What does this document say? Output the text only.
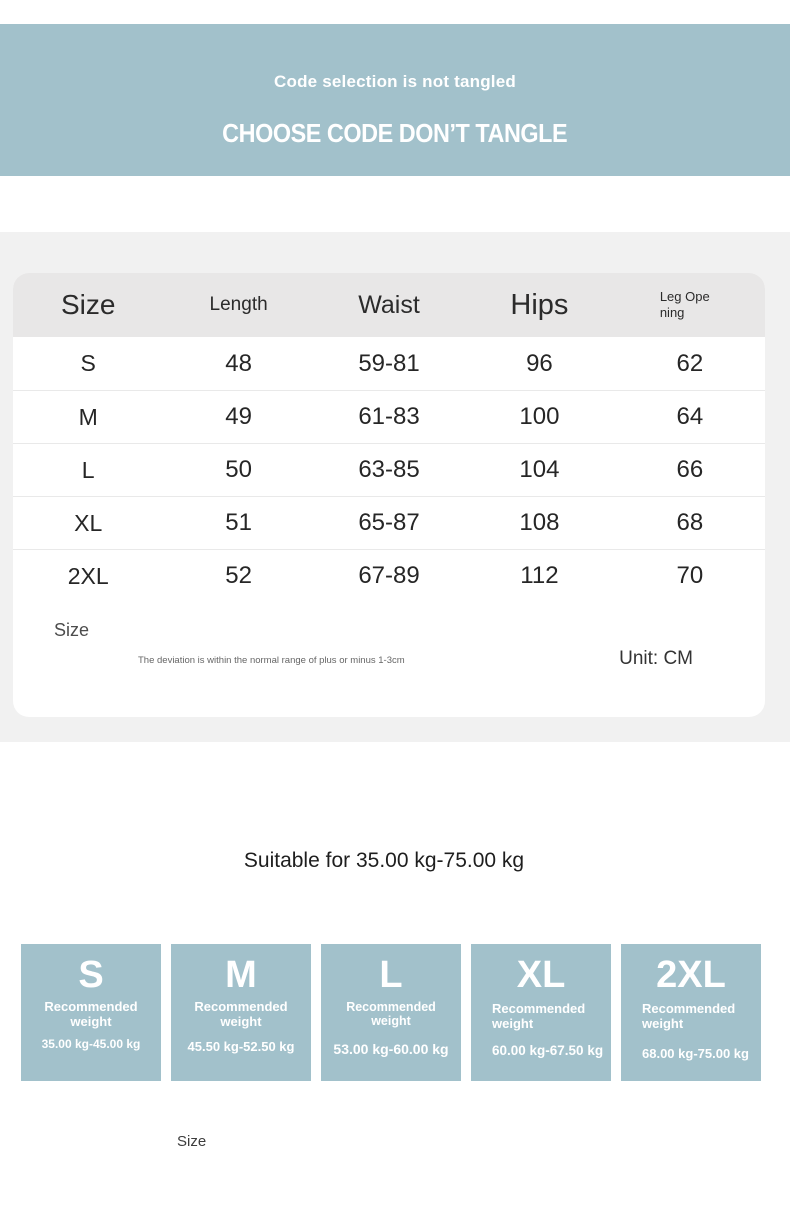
Code selection is not tangled
CHOOSE CODE DON’T TANGLE
Size	Length	Waist	Hips	Leg Ope ning
S	48	59-81	96	62
M	49	61-83	100	64
L	50	63-85	104	66
XL	51	65-87	108	68
2XL	52	67-89	112	70
Size
The deviation is within the normal range of plus or minus 1-3cm	Unit: CM
Suitable for 35.00 kg-75.00 kg
S
Recommended weight
35.00 kg-45.00 kg
M
Recommended weight
45.50 kg-52.50 kg
L
Recommended weight
53.00 kg-60.00 kg
XL
Recommended weight
60.00 kg-67.50 kg
2XL
Recommended weight
68.00 kg-75.00 kg
Size
